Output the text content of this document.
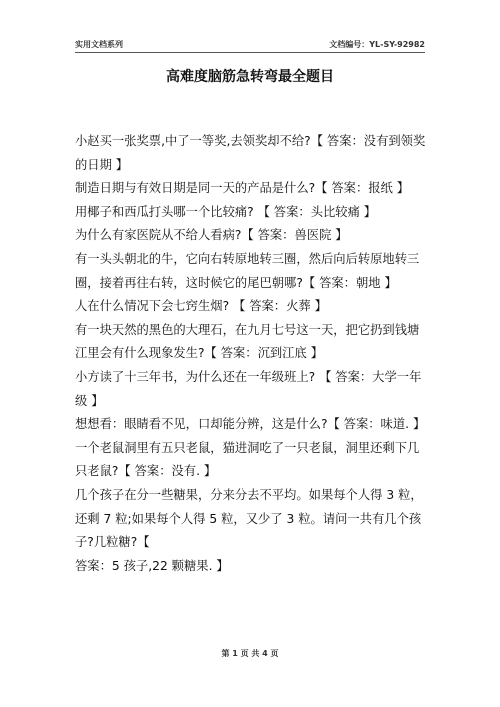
实用文档系列	文档编号：YL-SY-92982
高难度脑筋急转弯最全题目

小赵买一张奖票,中了一等奖,去领奖却不给?【 答案：没有到领奖的日期 】

制造日期与有效日期是同一天的产品是什么?【 答案：报纸 】

用椰子和西瓜打头哪一个比较痛? 【 答案：头比较痛 】

为什么有家医院从不给人看病?【 答案：兽医院 】

有一头头朝北的牛，它向右转原地转三圈，然后向后转原地转三圈，接着再往右转，这时候它的尾巴朝哪?【 答案：朝地 】

人在什么情况下会七窍生烟? 【 答案：火葬 】

有一块天然的黑色的大理石，在九月七号这一天，把它扔到钱塘江里会有什么现象发生?【 答案：沉到江底 】

小方读了十三年书，为什么还在一年级班上? 【 答案：大学一年级 】

想想看：眼睛看不见，口却能分辨，这是什么?【 答案：味道. 】

一个老鼠洞里有五只老鼠，猫进洞吃了一只老鼠，洞里还剩下几只老鼠?【 答案：没有. 】

几个孩子在分一些糖果，分来分去不平均。如果每个人得 3 粒，还剩 7 粒;如果每个人得 5 粒，又少了 3 粒。请问一共有几个孩子?几粒糖?【

答案：5 孩子,22 颗糖果. 】

第 1 页 共 4 页
